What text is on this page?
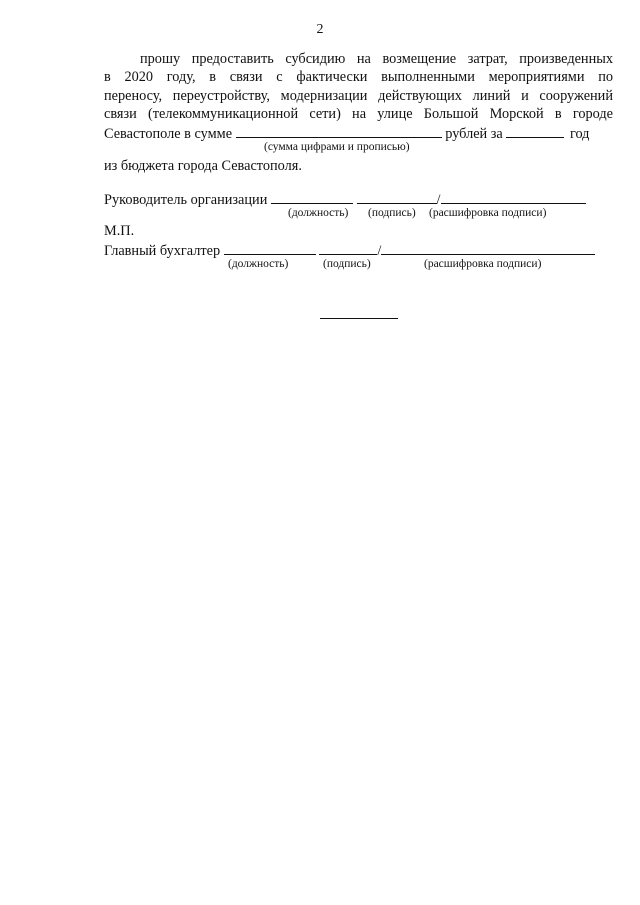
2
прошу предоставить субсидию на возмещение затрат, произведенных
в 2020 году, в связи с фактически выполненными мероприятиями по
переносу, переустройству, модернизации действующих линий и сооружений
связи (телекоммуникационной сети) на улице Большой Морской в городе
Севастополе в сумме	рублей за	год
(сумма цифрами и прописью)
из бюджета города Севастополя.
Руководитель организации	/
(должность) (подпись) (расшифровка подписи)
М.П.
Главный бухгалтер	/
(должность)	(подпись)	(расшифровка подписи)
